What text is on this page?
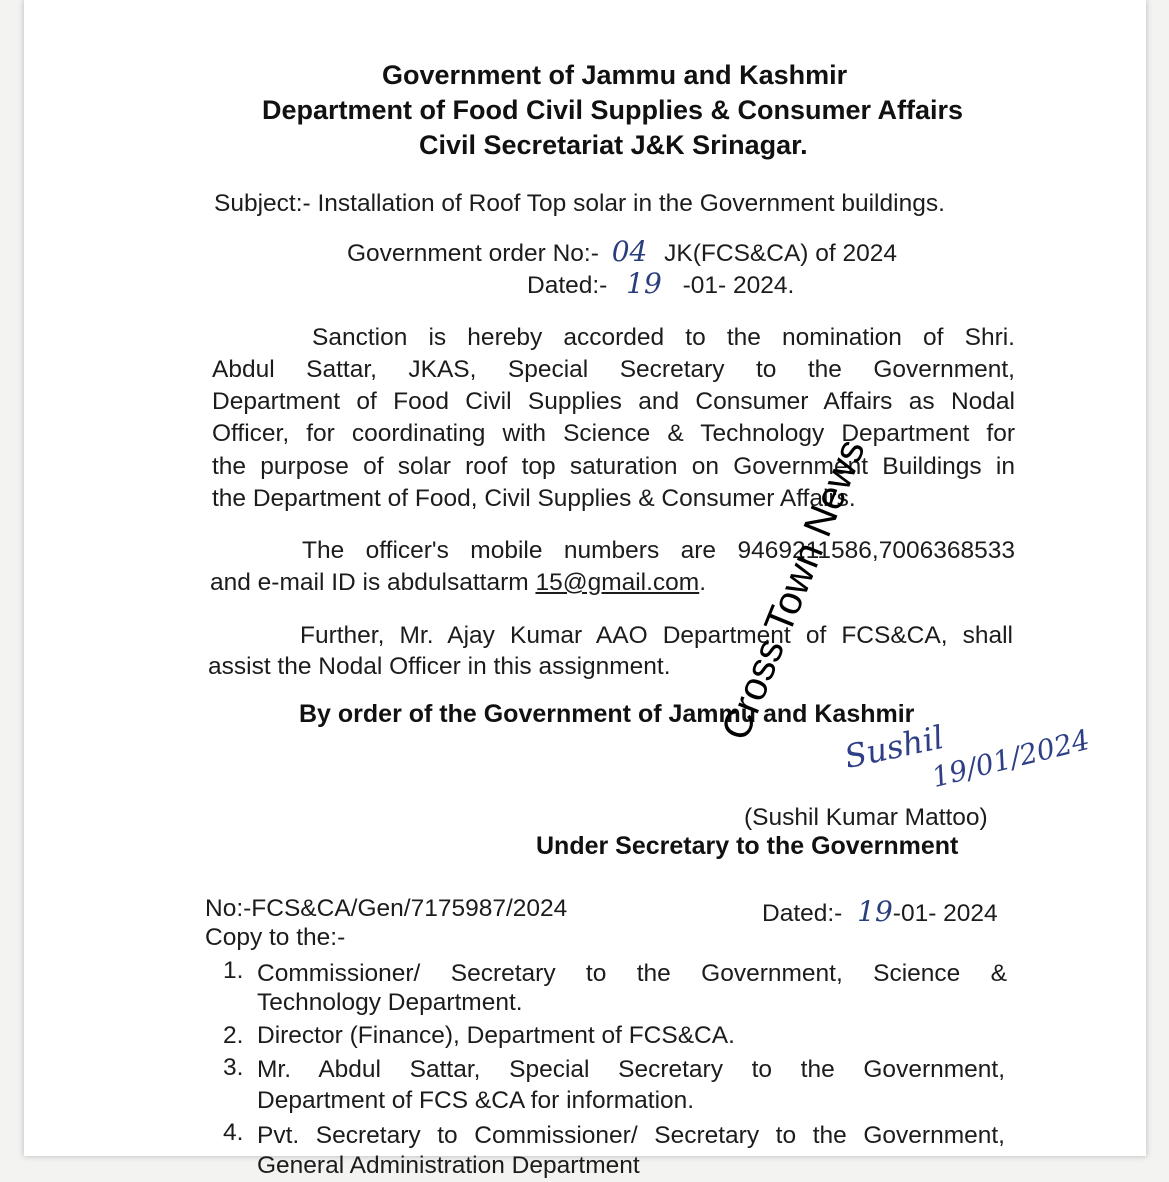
Government of Jammu and Kashmir

Department of Food Civil Supplies & Consumer Affairs

Civil Secretariat J&K Srinagar.

Subject:- Installation of Roof Top solar in the Government buildings.

Government order No:- 04 JK(FCS&CA) of 2024

Dated:- 19 -01- 2024.

Sanction is hereby accorded to the nomination of Shri.

Abdul Sattar, JKAS, Special Secretary to the Government,

Department of Food Civil Supplies and Consumer Affairs as Nodal

Officer, for coordinating with Science & Technology Department for

the purpose of solar roof top saturation on Government Buildings in

the Department of Food, Civil Supplies & Consumer Affairs.

The officer's mobile numbers are 9469211586,7006368533

and e-mail ID is abdulsattarm 15@gmail.com.

Further, Mr. Ajay Kumar AAO Department of FCS&CA, shall

assist the Nodal Officer in this assignment.

By order of the Government of Jammu and Kashmir

Sushil
19/01/2024

(Sushil Kumar Mattoo)

Under Secretary to the Government

No:-FCS&CA/Gen/7175987/2024	Dated:- 19-01- 2024

Copy to the:-

1. Commissioner/ Secretary to the Government, Science &

Technology Department.

2. Director (Finance), Department of FCS&CA.

3. Mr. Abdul Sattar, Special Secretary to the Government,

Department of FCS &CA for information.

4. Pvt. Secretary to Commissioner/ Secretary to the Government,

General Administration Department

Cross Town News
